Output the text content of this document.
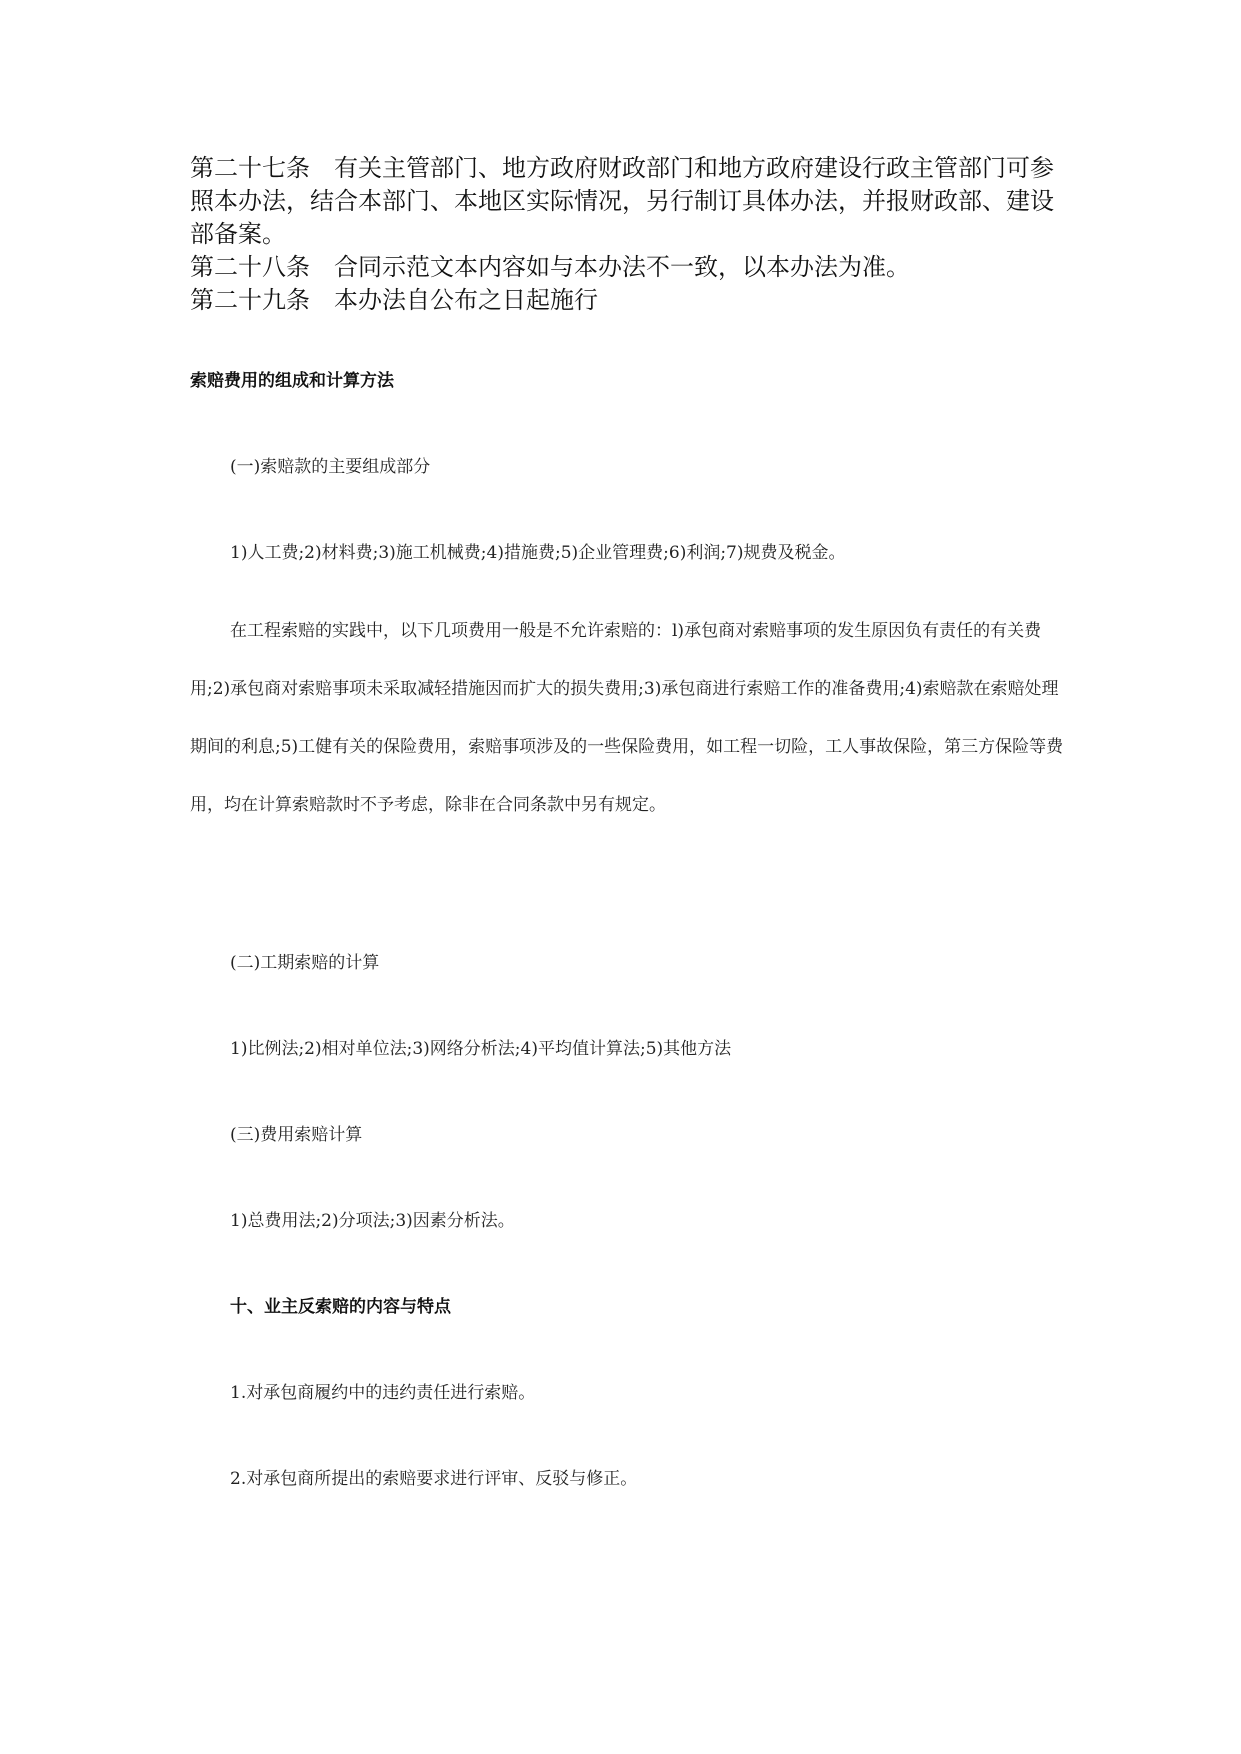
第二十七条 有关主管部门、地方政府财政部门和地方政府建设行政主管部门可参照本办法，结合本部门、本地区实际情况，另行制订具体办法，并报财政部、建设部备案。
第二十八条 合同示范文本内容如与本办法不一致，以本办法为准。
第二十九条 本办法自公布之日起施行
索赔费用的组成和计算方法
(一)索赔款的主要组成部分
1)人工费;2)材料费;3)施工机械费;4)措施费;5)企业管理费;6)利润;7)规费及税金。
在工程索赔的实践中，以下几项费用一般是不允许索赔的：l)承包商对索赔事项的发生原因负有责任的有关费用;2)承包商对索赔事项未采取减轻措施因而扩大的损失费用;3)承包商进行索赔工作的准备费用;4)索赔款在索赔处理期间的利息;5)工健有关的保险费用，索赔事项涉及的一些保险费用，如工程一切险，工人事故保险，第三方保险等费用，均在计算索赔款时不予考虑，除非在合同条款中另有规定。
(二)工期索赔的计算
1)比例法;2)相对单位法;3)网络分析法;4)平均值计算法;5)其他方法
(三)费用索赔计算
1)总费用法;2)分项法;3)因素分析法。
十、业主反索赔的内容与特点
1.对承包商履约中的违约责任进行索赔。
2.对承包商所提出的索赔要求进行评审、反驳与修正。
